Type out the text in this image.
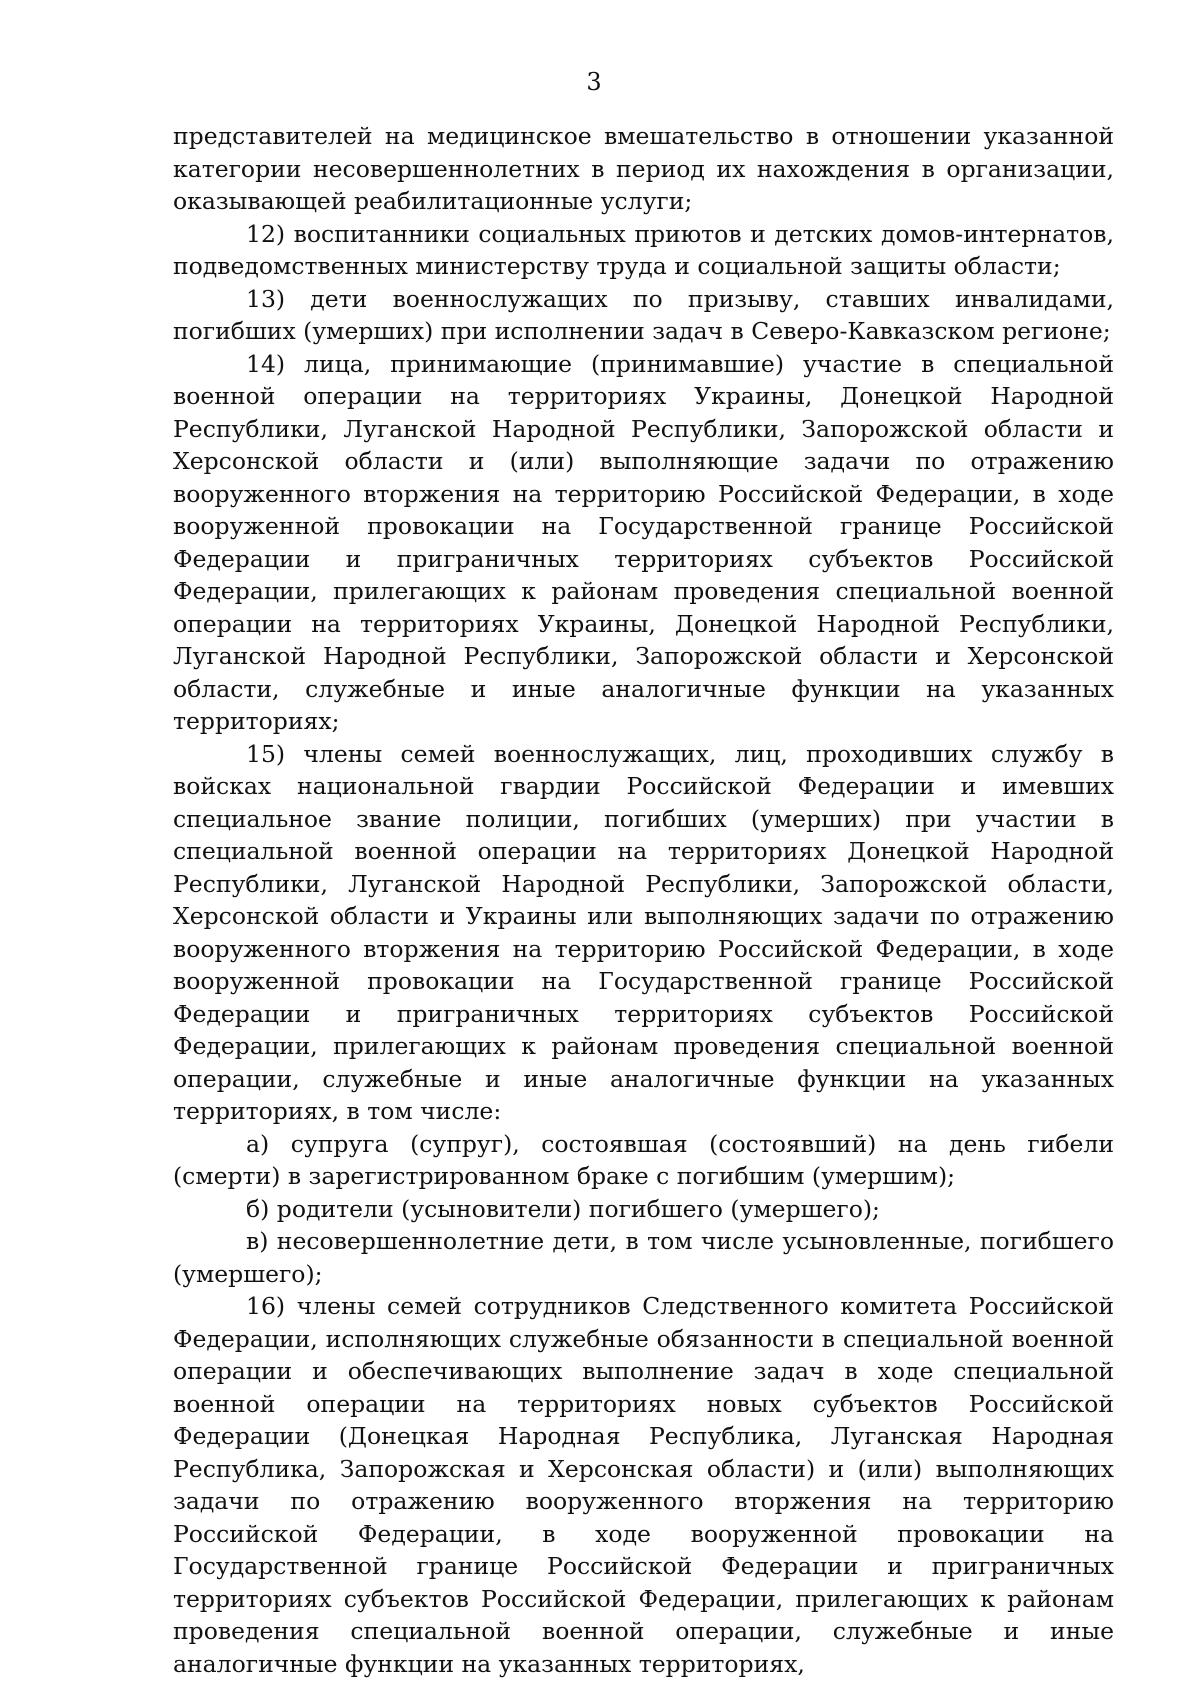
3

представителей на медицинское вмешательство в отношении указанной категории несовершеннолетних в период их нахождения в организации, оказывающей реабилитационные услуги;

12) воспитанники социальных приютов и детских домов-интернатов, подведомственных министерству труда и социальной защиты области;

13) дети военнослужащих по призыву, ставших инвалидами, погибших (умерших) при исполнении задач в Северо-Кавказском регионе;

14) лица, принимающие (принимавшие) участие в специальной военной операции на территориях Украины, Донецкой Народной Республики, Луганской Народной Республики, Запорожской области и Херсонской области и (или) выполняющие задачи по отражению вооруженного вторжения на территорию Российской Федерации, в ходе вооруженной провокации на Государственной границе Российской Федерации и приграничных территориях субъектов Российской Федерации, прилегающих к районам проведения специальной военной операции на территориях Украины, Донецкой Народной Республики, Луганской Народной Республики, Запорожской области и Херсонской области, служебные и иные аналогичные функции на указанных территориях;

15) члены семей военнослужащих, лиц, проходивших службу в войсках национальной гвардии Российской Федерации и имевших специальное звание полиции, погибших (умерших) при участии в специальной военной операции на территориях Донецкой Народной Республики, Луганской Народной Республики, Запорожской области, Херсонской области и Украины или выполняющих задачи по отражению вооруженного вторжения на территорию Российской Федерации, в ходе вооруженной провокации на Государственной границе Российской Федерации и приграничных территориях субъектов Российской Федерации, прилегающих к районам проведения специальной военной операции, служебные и иные аналогичные функции на указанных территориях, в том числе:

а) супруга (супруг), состоявшая (состоявший) на день гибели (смерти) в зарегистрированном браке с погибшим (умершим);

б) родители (усыновители) погибшего (умершего);

в) несовершеннолетние дети, в том числе усыновленные, погибшего (умершего);

16) члены семей сотрудников Следственного комитета Российской Федерации, исполняющих служебные обязанности в специальной военной операции и обеспечивающих выполнение задач в ходе специальной военной операции на территориях новых субъектов Российской Федерации (Донецкая Народная Республика, Луганская Народная Республика, Запорожская и Херсонская области) и (или) выполняющих задачи по отражению вооруженного вторжения на территорию Российской Федерации, в ходе вооруженной провокации на Государственной границе Российской Федерации и приграничных территориях субъектов Российской Федерации, прилегающих к районам проведения специальной военной операции, служебные и иные аналогичные функции на указанных территориях,
